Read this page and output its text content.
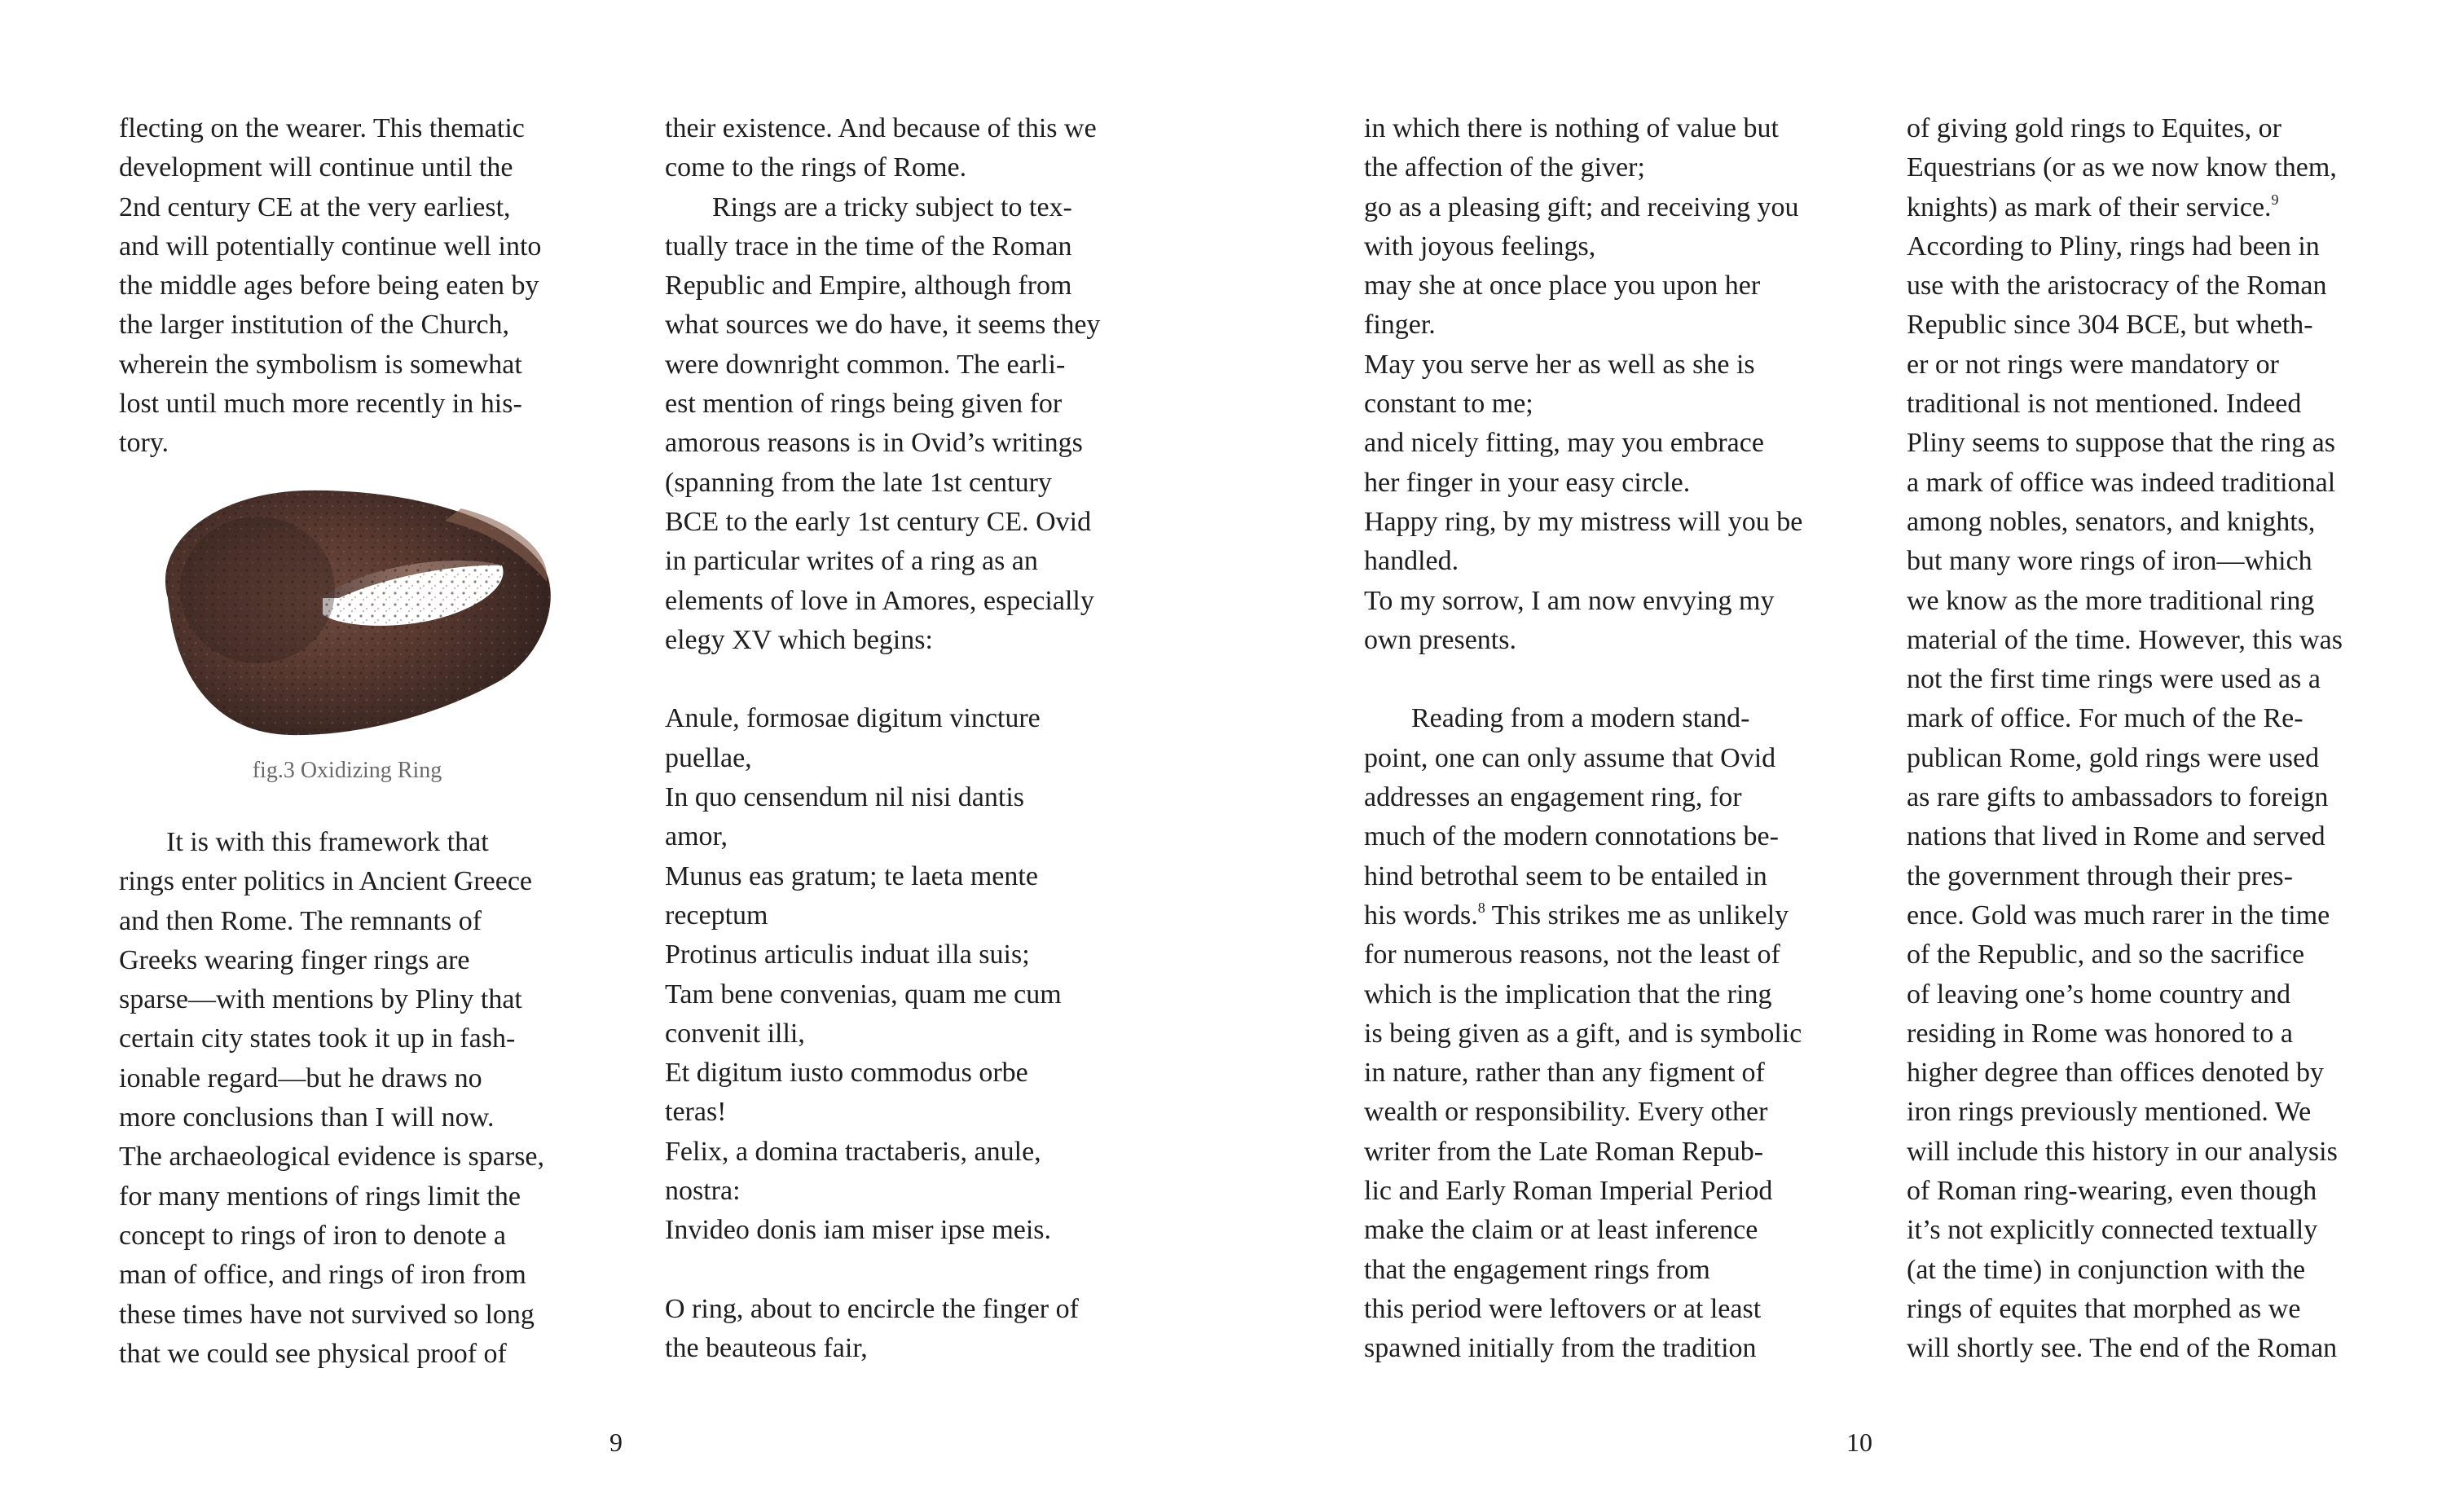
flecting on the wearer. This thematic
development will continue until the
2nd century CE at the very earliest,
and will potentially continue well into
the middle ages before being eaten by
the larger institution of the Church,
wherein the symbolism is somewhat
lost until much more recently in his-
tory.
fig.3 Oxidizing Ring
It is with this framework that
rings enter politics in Ancient Greece
and then Rome. The remnants of
Greeks wearing finger rings are
sparse—with mentions by Pliny that
certain city states took it up in fash-
ionable regard—but he draws no
more conclusions than I will now.
The archaeological evidence is sparse,
for many mentions of rings limit the
concept to rings of iron to denote a
man of office, and rings of iron from
these times have not survived so long
that we could see physical proof of
their existence. And because of this we
come to the rings of Rome.
Rings are a tricky subject to tex-
tually trace in the time of the Roman
Republic and Empire, although from
what sources we do have, it seems they
were downright common. The earli-
est mention of rings being given for
amorous reasons is in Ovid’s writings
(spanning from the late 1st century
BCE to the early 1st century CE. Ovid
in particular writes of a ring as an
elements of love in Amores, especially
elegy XV which begins:
Anule, formosae digitum vincture
puellae,
In quo censendum nil nisi dantis
amor,
Munus eas gratum; te laeta mente
receptum
Protinus articulis induat illa suis;
Tam bene convenias, quam me cum
convenit illi,
Et digitum iusto commodus orbe
teras!
Felix, a domina tractaberis, anule,
nostra:
Invideo donis iam miser ipse meis.
O ring, about to encircle the finger of
the beauteous fair,
9
in which there is nothing of value but
the affection of the giver;
go as a pleasing gift; and receiving you
with joyous feelings,
may she at once place you upon her
finger.
May you serve her as well as she is
constant to me;
and nicely fitting, may you embrace
her finger in your easy circle.
Happy ring, by my mistress will you be
handled.
To my sorrow, I am now envying my
own presents.
Reading from a modern stand-
point, one can only assume that Ovid
addresses an engagement ring, for
much of the modern connotations be-
hind betrothal seem to be entailed in
his words.$^8$ This strikes me as unlikely
for numerous reasons, not the least of
which is the implication that the ring
is being given as a gift, and is symbolic
in nature, rather than any figment of
wealth or responsibility. Every other
writer from the Late Roman Repub-
lic and Early Roman Imperial Period
make the claim or at least inference
that the engagement rings from
this period were leftovers or at least
spawned initially from the tradition
of giving gold rings to Equites, or
Equestrians (or as we now know them,
knights) as mark of their service.$^9$
According to Pliny, rings had been in
use with the aristocracy of the Roman
Republic since 304 BCE, but wheth-
er or not rings were mandatory or
traditional is not mentioned. Indeed
Pliny seems to suppose that the ring as
a mark of office was indeed traditional
among nobles, senators, and knights,
but many wore rings of iron—which
we know as the more traditional ring
material of the time. However, this was
not the first time rings were used as a
mark of office. For much of the Re-
publican Rome, gold rings were used
as rare gifts to ambassadors to foreign
nations that lived in Rome and served
the government through their pres-
ence. Gold was much rarer in the time
of the Republic, and so the sacrifice
of leaving one’s home country and
residing in Rome was honored to a
higher degree than offices denoted by
iron rings previously mentioned. We
will include this history in our analysis
of Roman ring-wearing, even though
it’s not explicitly connected textually
(at the time) in conjunction with the
rings of equites that morphed as we
will shortly see. The end of the Roman
10
